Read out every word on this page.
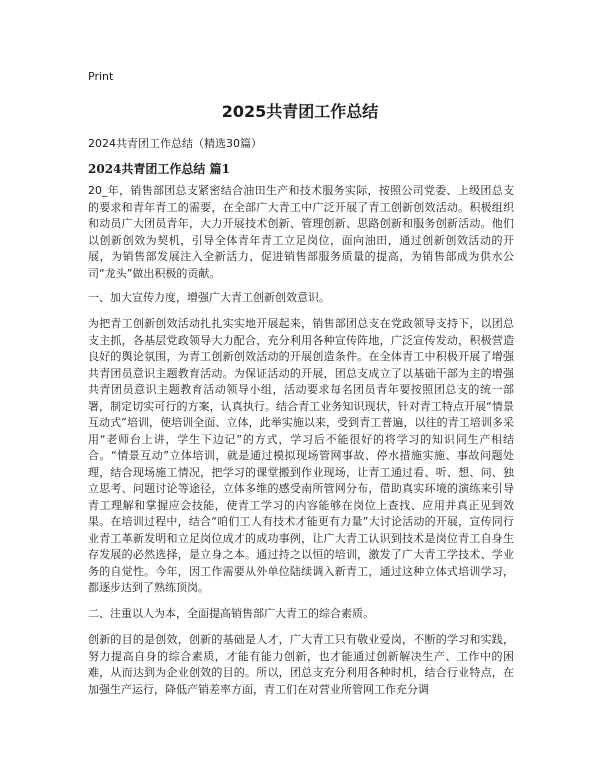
Print
2025共青团工作总结
2024共青团工作总结（精选30篇）
2024共青团工作总结 篇1

20_年，销售部团总支紧密结合油田生产和技术服务实际，按照公司党委、上级团总支的要求和青年青工的需要，在全部广大青工中广泛开展了青工创新创效活动。积极组织和动员广大团员青年，大力开展技术创新、管理创新、思路创新和服务创新活动。他们以创新创效为契机，引导全体青年青工立足岗位，面向油田，通过创新创效活动的开展，为销售部发展注入全新活力，促进销售部服务质量的提高，为销售部成为供水公司“龙头”做出积极的贡献。

一、加大宣传力度，增强广大青工创新创效意识。

为把青工创新创效活动扎扎实实地开展起来，销售部团总支在党政领导支持下，以团总支主抓，各基层党政领导大力配合，充分利用各种宣传阵地，广泛宣传发动，积极营造良好的舆论氛围，为青工创新创效活动的开展创造条件。在全体青工中积极开展了增强共青团员意识主题教育活动。为保证活动的开展，团总支成立了以基础干部为主的增强共青团员意识主题教育活动领导小组，活动要求每名团员青年要按照团总支的统一部署，制定切实可行的方案，认真执行。结合青工业务知识现状，针对青工特点开展“情景互动式”培训，使培训全面、立体，此举实施以来，受到青工普遍，以往的青工培训多采用“老师台上讲，学生下边记”的方式，学习后不能很好的将学习的知识同生产相结合。“情景互动”立体培训，就是通过模拟现场管网事故、停水措施实施、事故问题处理，结合现场施工情况，把学习的课堂搬到作业现场，让青工通过看、听、想、问、独立思考、问题讨论等途径，立体多维的感受南所管网分布，借助真实环境的演练来引导青工理解和掌握应会技能，使青工学习的内容能够在岗位上查找、应用并真正见到效果。在培训过程中，结合“咱们工人有技术才能更有力量”大讨论活动的开展，宣传同行业青工革新发明和立足岗位成才的成功事例，让广大青工认识到技术是岗位青工自身生存发展的必然选择，是立身之本。通过持之以恒的培训，激发了广大青工学技术、学业务的自觉性。今年，因工作需要从外单位陆续调入新青工，通过这种立体式培训学习，都逐步达到了熟练顶岗。

二、注重以人为本，全面提高销售部广大青工的综合素质。

创新的目的是创效，创新的基础是人才，广大青工只有敬业爱岗，不断的学习和实践，努力提高自身的综合素质，才能有能力创新，也才能通过创新解决生产、工作中的困难，从而达到为企业创效的目的。所以，团总支充分利用各种时机，结合行业特点，在加强生产运行，降低产销差率方面，青工们在对营业所管网工作充分调
